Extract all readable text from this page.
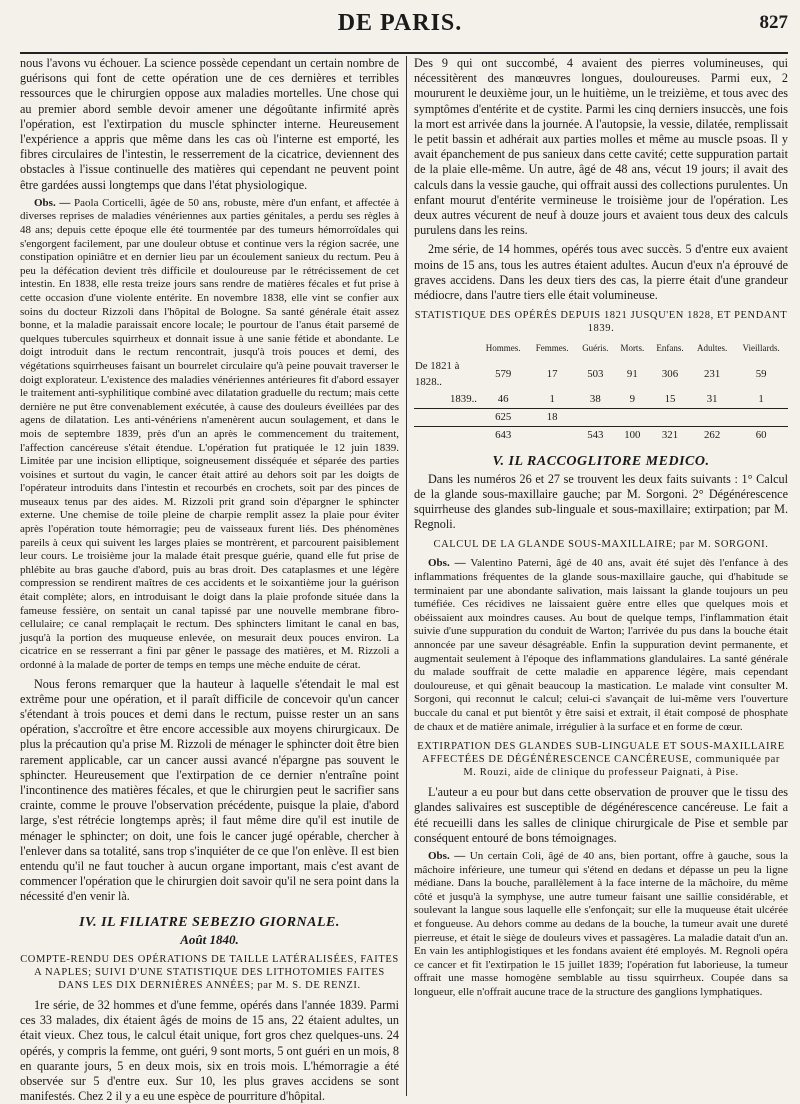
DE PARIS.	827

nous l'avons vu échouer. La science possède cependant un certain nombre de guérisons qui font de cette opération une de ces dernières et terribles ressources que le chirurgien oppose aux maladies mortelles. Une chose qui au premier abord semble devoir amener une dégoûtante infirmité après l'opération, est l'extirpation du muscle sphincter interne. Heureusement l'expérience a appris que même dans les cas où l'interne est emporté, les fibres circulaires de l'intestin, le resserrement de la cicatrice, deviennent des obstacles à l'issue continuelle des matières qui cependant ne peuvent point être gardées aussi longtemps que dans l'état physiologique.

Obs. — Paola Corticelli, âgée de 50 ans, robuste, mère d'un enfant, et affectée à diverses reprises de maladies vénériennes aux parties génitales, a perdu ses règles à 48 ans; depuis cette époque elle été tourmentée par des tumeurs hémorroïdales qui s'engorgent facilement, par une douleur obtuse et continue vers la région sacrée, une constipation opiniâtre et en dernier lieu par un écoulement sanieux du rectum. Peu à peu la défécation devient très difficile et douloureuse par le rétrécissement de cet intestin. En 1838, elle resta treize jours sans rendre de matières fécales et fut prise à cette occasion d'une violente entérite. En novembre 1838, elle vint se confier aux soins du docteur Rizzoli dans l'hôpital de Bologne. Sa santé générale était assez bonne, et la maladie paraissait encore locale; le pourtour de l'anus était parsemé de quelques tubercules squirrheux et donnait issue à une sanie fétide et abondante. Le doigt introduit dans le rectum rencontrait, jusqu'à trois pouces et demi, des végétations squirrheuses faisant un bourrelet circulaire qu'à peine pouvait traverser le doigt explorateur. L'existence des maladies vénériennes antérieures fit d'abord essayer le traitement anti-syphilitique combiné avec dilatation graduelle du rectum; mais cette dernière ne put être convenablement exécutée, à cause des douleurs éveillées par des agens de dilatation. Les anti-vénériens n'amenèrent aucun soulagement, et dans le mois de septembre 1839, près d'un an après le commencement du traitement, l'affection cancéreuse s'était étendue. L'opération fut pratiquée le 12 juin 1839. Limitée par une incision elliptique, soigneusement disséquée et séparée des parties voisines et surtout du vagin, le cancer était attiré au dehors soit par les doigts de l'opérateur introduits dans l'intestin et recourbés en crochets, soit par des pinces de museaux tenus par des aides. M. Rizzoli prit grand soin d'épargner le sphincter externe. Une chemise de toile pleine de charpie remplit assez la plaie pour éviter après l'opération toute hémorragie; peu de vaisseaux furent liés. Des phénomènes pareils à ceux qui suivent les larges plaies se montrèrent, et parcourent paisiblement leur cours. Le troisième jour la malade était presque guérie, quand elle fut prise de phlébite au bras gauche d'abord, puis au bras droit. Des cataplasmes et une légère compression se rendirent maîtres de ces accidents et le soixantième jour la guérison était complète; alors, en introduisant le doigt dans la plaie profonde située dans la fameuse fessière, on sentait un canal tapissé par une nouvelle membrane fibro-cellulaire; ce canal remplaçait le rectum. Des sphincters limitant le canal en bas, jusqu'à la portion des muqueuse enlevée, on mesurait deux pouces environ. La cicatrice en se resserrant a fini par gêner le passage des matières, et M. Rizzoli a ordonné à la malade de porter de temps en temps une mèche enduite de cérat.

Nous ferons remarquer que la hauteur à laquelle s'étendait le mal est extrême pour une opération, et il paraît difficile de concevoir qu'un cancer s'étendant à trois pouces et demi dans le rectum, puisse rester un an sans opération, s'accroître et être encore accessible aux moyens chirurgicaux. De plus la précaution qu'a prise M. Rizzoli de ménager le sphincter doit être bien rarement applicable, car un cancer aussi avancé n'épargne pas souvent le sphincter. Heureusement que l'extirpation de ce dernier n'entraîne point l'incontinence des matières fécales, et que le chirurgien peut le sacrifier sans crainte, comme le prouve l'observation précédente, puisque la plaie, d'abord large, s'est rétrécie longtemps après; il faut même dire qu'il est inutile de ménager le sphincter; on doit, une fois le cancer jugé opérable, chercher à l'enlever dans sa totalité, sans trop s'inquiéter de ce que l'on enlève. Il est bien entendu qu'il ne faut toucher à aucun organe important, mais c'est avant de commencer l'opération que le chirurgien doit savoir qu'il ne sera point dans la nécessité d'en venir là.

IV. IL FILIATRE SEBEZIO GIORNALE.
Août 1840.
COMPTE-RENDU DES OPÉRATIONS DE TAILLE LATÉRALISÉES, FAITES A NAPLES; SUIVI D'UNE STATISTIQUE DES LITHOTOMIES FAITES DANS LES DIX DERNIÈRES ANNÉES; par M. S. DE RENZI.

1re série, de 32 hommes et d'une femme, opérés dans l'année 1839. Parmi ces 33 malades, dix étaient âgés de moins de 15 ans, 22 étaient adultes, un était vieux. Chez tous, le calcul était unique, fort gros chez quelques-uns. 24 opérés, y compris la femme, ont guéri, 9 sont morts, 5 ont guéri en un mois, 8 en quarante jours, 5 en deux mois, six en trois mois. L'hémorragie a été observée sur 5 d'entre eux. Sur 10, les plus graves accidens se sont manifestés. Chez 2 il y a eu une espèce de pourriture d'hôpital.

Des 9 qui ont succombé, 4 avaient des pierres volumineuses, qui nécessitèrent des manœuvres longues, douloureuses. Parmi eux, 2 moururent le deuxième jour, un le huitième, un le treizième, et tous avec des symptômes d'entérite et de cystite. Parmi les cinq derniers insuccès, une fois la mort est arrivée dans la journée. A l'autopsie, la vessie, dilatée, remplissait le petit bassin et adhérait aux parties molles et même au muscle psoas. Il y avait épanchement de pus sanieux dans cette cavité; cette suppuration partait de la plaie elle-même. Un autre, âgé de 48 ans, vécut 19 jours; il avait des calculs dans la vessie gauche, qui offrait aussi des collections purulentes. Un enfant mourut d'entérite vermineuse le troisième jour de l'opération. Les deux autres vécurent de neuf à douze jours et avaient tous deux des calculs purulens dans les reins.

2me série, de 14 hommes, opérés tous avec succès. 5 d'entre eux avaient moins de 15 ans, tous les autres étaient adultes. Aucun d'eux n'a éprouvé de graves accidens. Dans les deux tiers des cas, la pierre était d'une grandeur médiocre, dans l'autre tiers elle était volumineuse.

STATISTIQUE DES OPÉRÉS DEPUIS 1821 JUSQU'EN 1828, ET PENDANT 1839.
	Hommes.	Femmes.	Guéris.	Morts.	Enfans.	Adultes.	Vieillards.
De 1821 à 1828..	579	17	503	91	306	231	59
1839..	46	1	38	9	15	31	1
	625	18					
	643		543	100	321	262	60
V. IL RACCOGLITORE MEDICO.

Dans les numéros 26 et 27 se trouvent les deux faits suivants : 1° Calcul de la glande sous-maxillaire gauche; par M. Sorgoni. 2° Dégénérescence squirrheuse des glandes sub-linguale et sous-maxillaire; extirpation; par M. Regnoli.

CALCUL DE LA GLANDE SOUS-MAXILLAIRE; par M. SORGONI.

Obs. — Valentino Paterni, âgé de 40 ans, avait été sujet dès l'enfance à des inflammations fréquentes de la glande sous-maxillaire gauche, qui d'habitude se terminaient par une abondante salivation, mais laissant la glande toujours un peu tuméfiée. Ces récidives ne laissaient guère entre elles que quelques mois et obéissaient aux moindres causes. Au bout de quelque temps, l'inflammation était suivie d'une suppuration du conduit de Warton; l'arrivée du pus dans la bouche était annoncée par une saveur désagréable. Enfin la suppuration devint permanente, et augmentait seulement à l'époque des inflammations glandulaires. La santé générale du malade souffrait de cette maladie en apparence légère, mais cependant douloureuse, et qui gênait beaucoup la mastication. Le malade vint consulter M. Sorgoni, qui reconnut le calcul; celui-ci s'avançait de lui-même vers l'ouverture buccale du canal et put bientôt y être saisi et extrait, il était composé de phosphate de chaux et de matière animale, irrégulier à la surface et en forme de cœur.

EXTIRPATION DES GLANDES SUB-LINGUALE ET SOUS-MAXILLAIRE AFFECTÉES DE DÉGÉNÉRESCENCE CANCÉREUSE, communiquée par M. Rouzi, aide de clinique du professeur Paignati, à Pise.

L'auteur a eu pour but dans cette observation de prouver que le tissu des glandes salivaires est susceptible de dégénérescence cancéreuse. Le fait a été recueilli dans les salles de clinique chirurgicale de Pise et semble par conséquent entouré de bons témoignages.

Obs. — Un certain Coli, âgé de 40 ans, bien portant, offre à gauche, sous la mâchoire inférieure, une tumeur qui s'étend en dedans et dépasse un peu la ligne médiane. Dans la bouche, parallèlement à la face interne de la mâchoire, du même côté et jusqu'à la symphyse, une autre tumeur faisant une saillie considérable, et soulevant la langue sous laquelle elle s'enfonçait; sur elle la muqueuse était ulcérée et fongueuse. Au dehors comme au dedans de la bouche, la tumeur avait une dureté pierreuse, et était le siège de douleurs vives et passagères. La maladie datait d'un an. En vain les antiphlogistiques et les fondans avaient été employés. M. Regnoli opéra ce cancer et fit l'extirpation le 15 juillet 1839; l'opération fut laborieuse, la tumeur offrait une masse homogène semblable au tissu squirrheux. Coupée dans sa longueur, elle n'offrait aucune trace de la structure des ganglions lymphatiques.
